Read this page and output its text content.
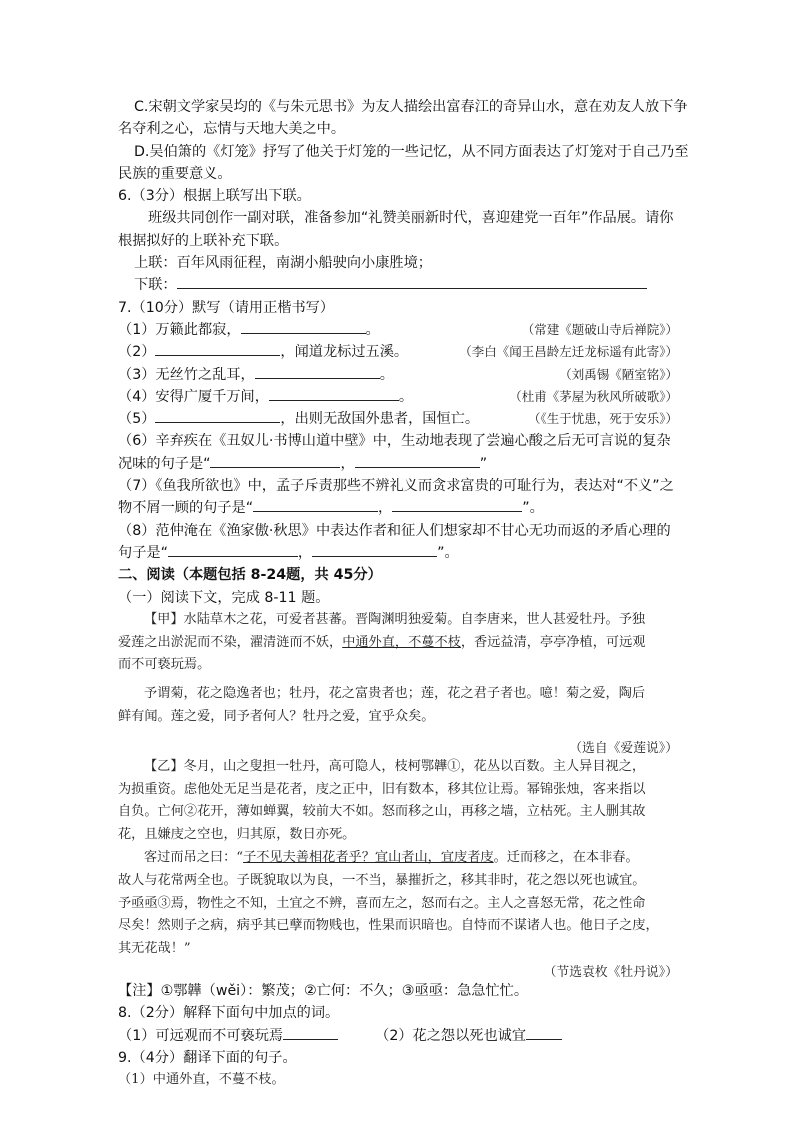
C.宋朝文学家吴均的《与朱元思书》为友人描绘出富春江的奇异山水，意在劝友人放下争
名夺利之心，忘情与天地大美之中。
D.吴伯箫的《灯笼》抒写了他关于灯笼的一些记忆，从不同方面表达了灯笼对于自己乃至
民族的重要意义。
6.（3分）根据上联写出下联。
班级共同创作一副对联，准备参加“礼赞美丽新时代，喜迎建党一百年”作品展。请你
根据拟好的上联补充下联。
上联：百年风雨征程，南湖小船驶向小康胜境；
下联：
7.（10分）默写（请用正楷书写）
（1）万籁此都寂，	。	（常建《题破山寺后禅院》）
（2）	，闻道龙标过五溪。	（李白《闻王昌龄左迁龙标遥有此寄》）
（3）无丝竹之乱耳，	。	（刘禹锡《陋室铭》）
（4）安得广厦千万间，	。	（杜甫《茅屋为秋风所破歌》）
（5）	，出则无敌国外患者，国恒亡。	（《生于忧患，死于安乐》）
（6）辛弃疾在《丑奴儿·书博山道中壁》中，生动地表现了尝遍心酸之后无可言说的复杂
况味的句子是“	，	”
（7）《鱼我所欲也》中，孟子斥责那些不辨礼义而贪求富贵的可耻行为，表达对“不义”之
物不屑一顾的句子是“	，	”。
（8）范仲淹在《渔家傲·秋思》中表达作者和征人们想家却不甘心无功而返的矛盾心理的
句子是“	，	”。
二、阅读（本题包括 8-24题，共 45分）
（一）阅读下文，完成 8-11 题。
【甲】水陆草木之花，可爱者甚蕃。晋陶渊明独爱菊。自李唐来，世人甚爱牡丹。予独
爱莲之出淤泥而不染，濯清涟而不妖，中通外直，不蔓不枝，香远益清，亭亭净植，可远观
而不可亵玩焉。
予谓菊，花之隐逸者也；牡丹，花之富贵者也；莲，花之君子者也。噫！菊之爱，陶后
鲜有闻。莲之爱，同予者何人？牡丹之爱，宜乎众矣。
（选自《爱莲说》）
【乙】冬月，山之叟担一牡丹，高可隐人，枝柯鄂韡①，花丛以百数。主人异目视之，
为损重资。虑他处无足当是花者，庋之正中，旧有数本，移其位让焉。幂锦张烛，客来指以
自负。亡何②花开，薄如蝉翼，较前大不如。怒而移之山，再移之墙，立枯死。主人删其故
花，且嫌庋之空也，归其原，数日亦死。
客过而吊之曰：“子不见夫善相花者乎？宜山者山，宜庋者庋。迁而移之，在本非春。
故人与花常两全也。子既貌取以为良，一不当，暴摧折之，移其非时，花之怨以死也诚宜。
予亟亟③焉，物性之不知，土宜之不辨，喜而左之，怒而右之。主人之喜怒无常，花之性命
尽矣！然则子之病，病乎其已孽而物贱也，性果而识暗也。自恃而不谋诸人也。他日子之庋，
其无花哉！”
（节选袁枚《牡丹说》）
【注】①鄂韡（wěi）：繁茂；②亡何：不久；③亟亟：急急忙忙。
8.（2分）解释下面句中加点的词。
（1）可远观而不可亵玩焉	（2）花之怨以死也诚宜
9.（4分）翻译下面的句子。
（1）中通外直，不蔓不枝。
